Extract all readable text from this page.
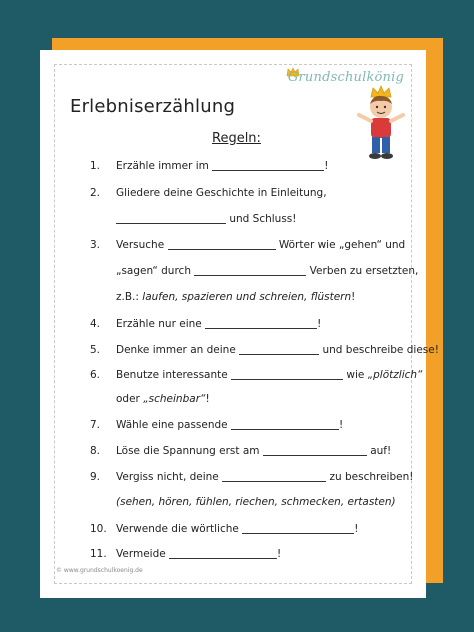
Grundschulkönig
Erlebniserzählung
Regeln:
1. Erzähle immer im	!
2. Gliedere deine Geschichte in Einleitung,
und Schluss!
3. Versuche	Wörter wie „gehen“ und
„sagen“ durch	Verben zu ersetzten,
z.B.: laufen, spazieren und schreien, flüstern!
4. Erzähle nur eine	!
5. Denke immer an deine	und beschreibe diese!
6. Benutze interessante	wie „plötzlich“
oder „scheinbar“!
7. Wähle eine passende	!
8. Löse die Spannung erst am	auf!
9. Vergiss nicht, deine	zu beschreiben!
(sehen, hören, fühlen, riechen, schmecken, ertasten)
10. Verwende die wörtliche	!
11. Vermeide	!
© www.grundschulkoenig.de
